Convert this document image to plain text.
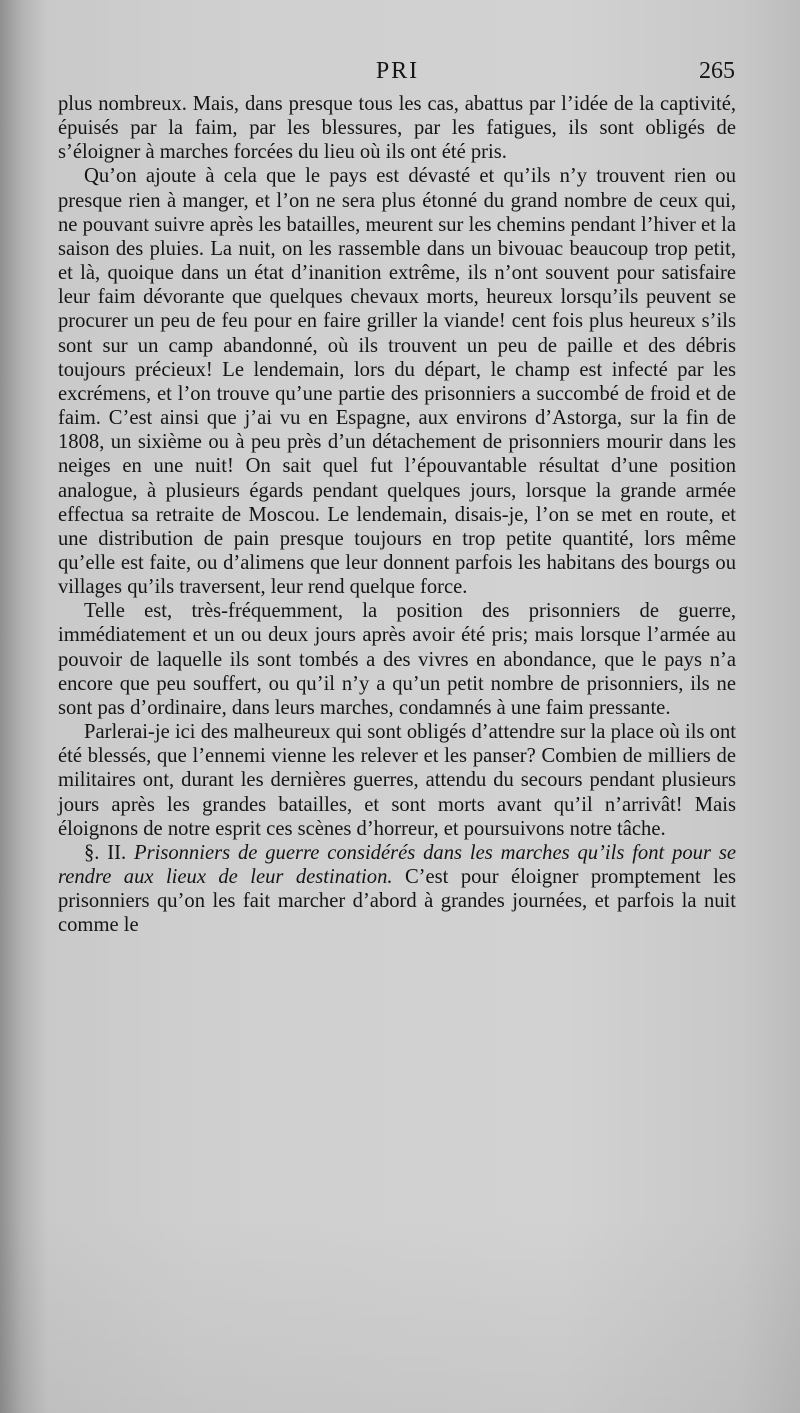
PRI	265

plus nombreux. Mais, dans presque tous les cas, abattus par l’idée de la captivité, épuisés par la faim, par les blessures, par les fatigues, ils sont obligés de s’éloigner à marches forcées du lieu où ils ont été pris.

Qu’on ajoute à cela que le pays est dévasté et qu’ils n’y trouvent rien ou presque rien à manger, et l’on ne sera plus étonné du grand nombre de ceux qui, ne pouvant suivre après les batailles, meurent sur les chemins pendant l’hiver et la saison des pluies. La nuit, on les rassemble dans un bivouac beaucoup trop petit, et là, quoique dans un état d’inanition extrême, ils n’ont souvent pour satisfaire leur faim dévorante que quelques chevaux morts, heureux lorsqu’ils peuvent se procurer un peu de feu pour en faire griller la viande! cent fois plus heureux s’ils sont sur un camp abandonné, où ils trouvent un peu de paille et des débris toujours précieux! Le lendemain, lors du départ, le champ est infecté par les excrémens, et l’on trouve qu’une partie des prisonniers a succombé de froid et de faim. C’est ainsi que j’ai vu en Espagne, aux environs d’Astorga, sur la fin de 1808, un sixième ou à peu près d’un détachement de prisonniers mourir dans les neiges en une nuit! On sait quel fut l’épouvantable résultat d’une position analogue, à plusieurs égards pendant quelques jours, lorsque la grande armée effectua sa retraite de Moscou. Le lendemain, disais-je, l’on se met en route, et une distribution de pain presque toujours en trop petite quantité, lors même qu’elle est faite, ou d’alimens que leur donnent parfois les habitans des bourgs ou villages qu’ils traversent, leur rend quelque force.

Telle est, très-fréquemment, la position des prisonniers de guerre, immédiatement et un ou deux jours après avoir été pris; mais lorsque l’armée au pouvoir de laquelle ils sont tombés a des vivres en abondance, que le pays n’a encore que peu souffert, ou qu’il n’y a qu’un petit nombre de prisonniers, ils ne sont pas d’ordinaire, dans leurs marches, condamnés à une faim pressante.

Parlerai-je ici des malheureux qui sont obligés d’attendre sur la place où ils ont été blessés, que l’ennemi vienne les relever et les panser? Combien de milliers de militaires ont, durant les dernières guerres, attendu du secours pendant plusieurs jours après les grandes batailles, et sont morts avant qu’il n’arrivât! Mais éloignons de notre esprit ces scènes d’horreur, et poursuivons notre tâche.

§. II. Prisonniers de guerre considérés dans les marches qu’ils font pour se rendre aux lieux de leur destination. C’est pour éloigner promptement les prisonniers qu’on les fait marcher d’abord à grandes journées, et parfois la nuit comme le
